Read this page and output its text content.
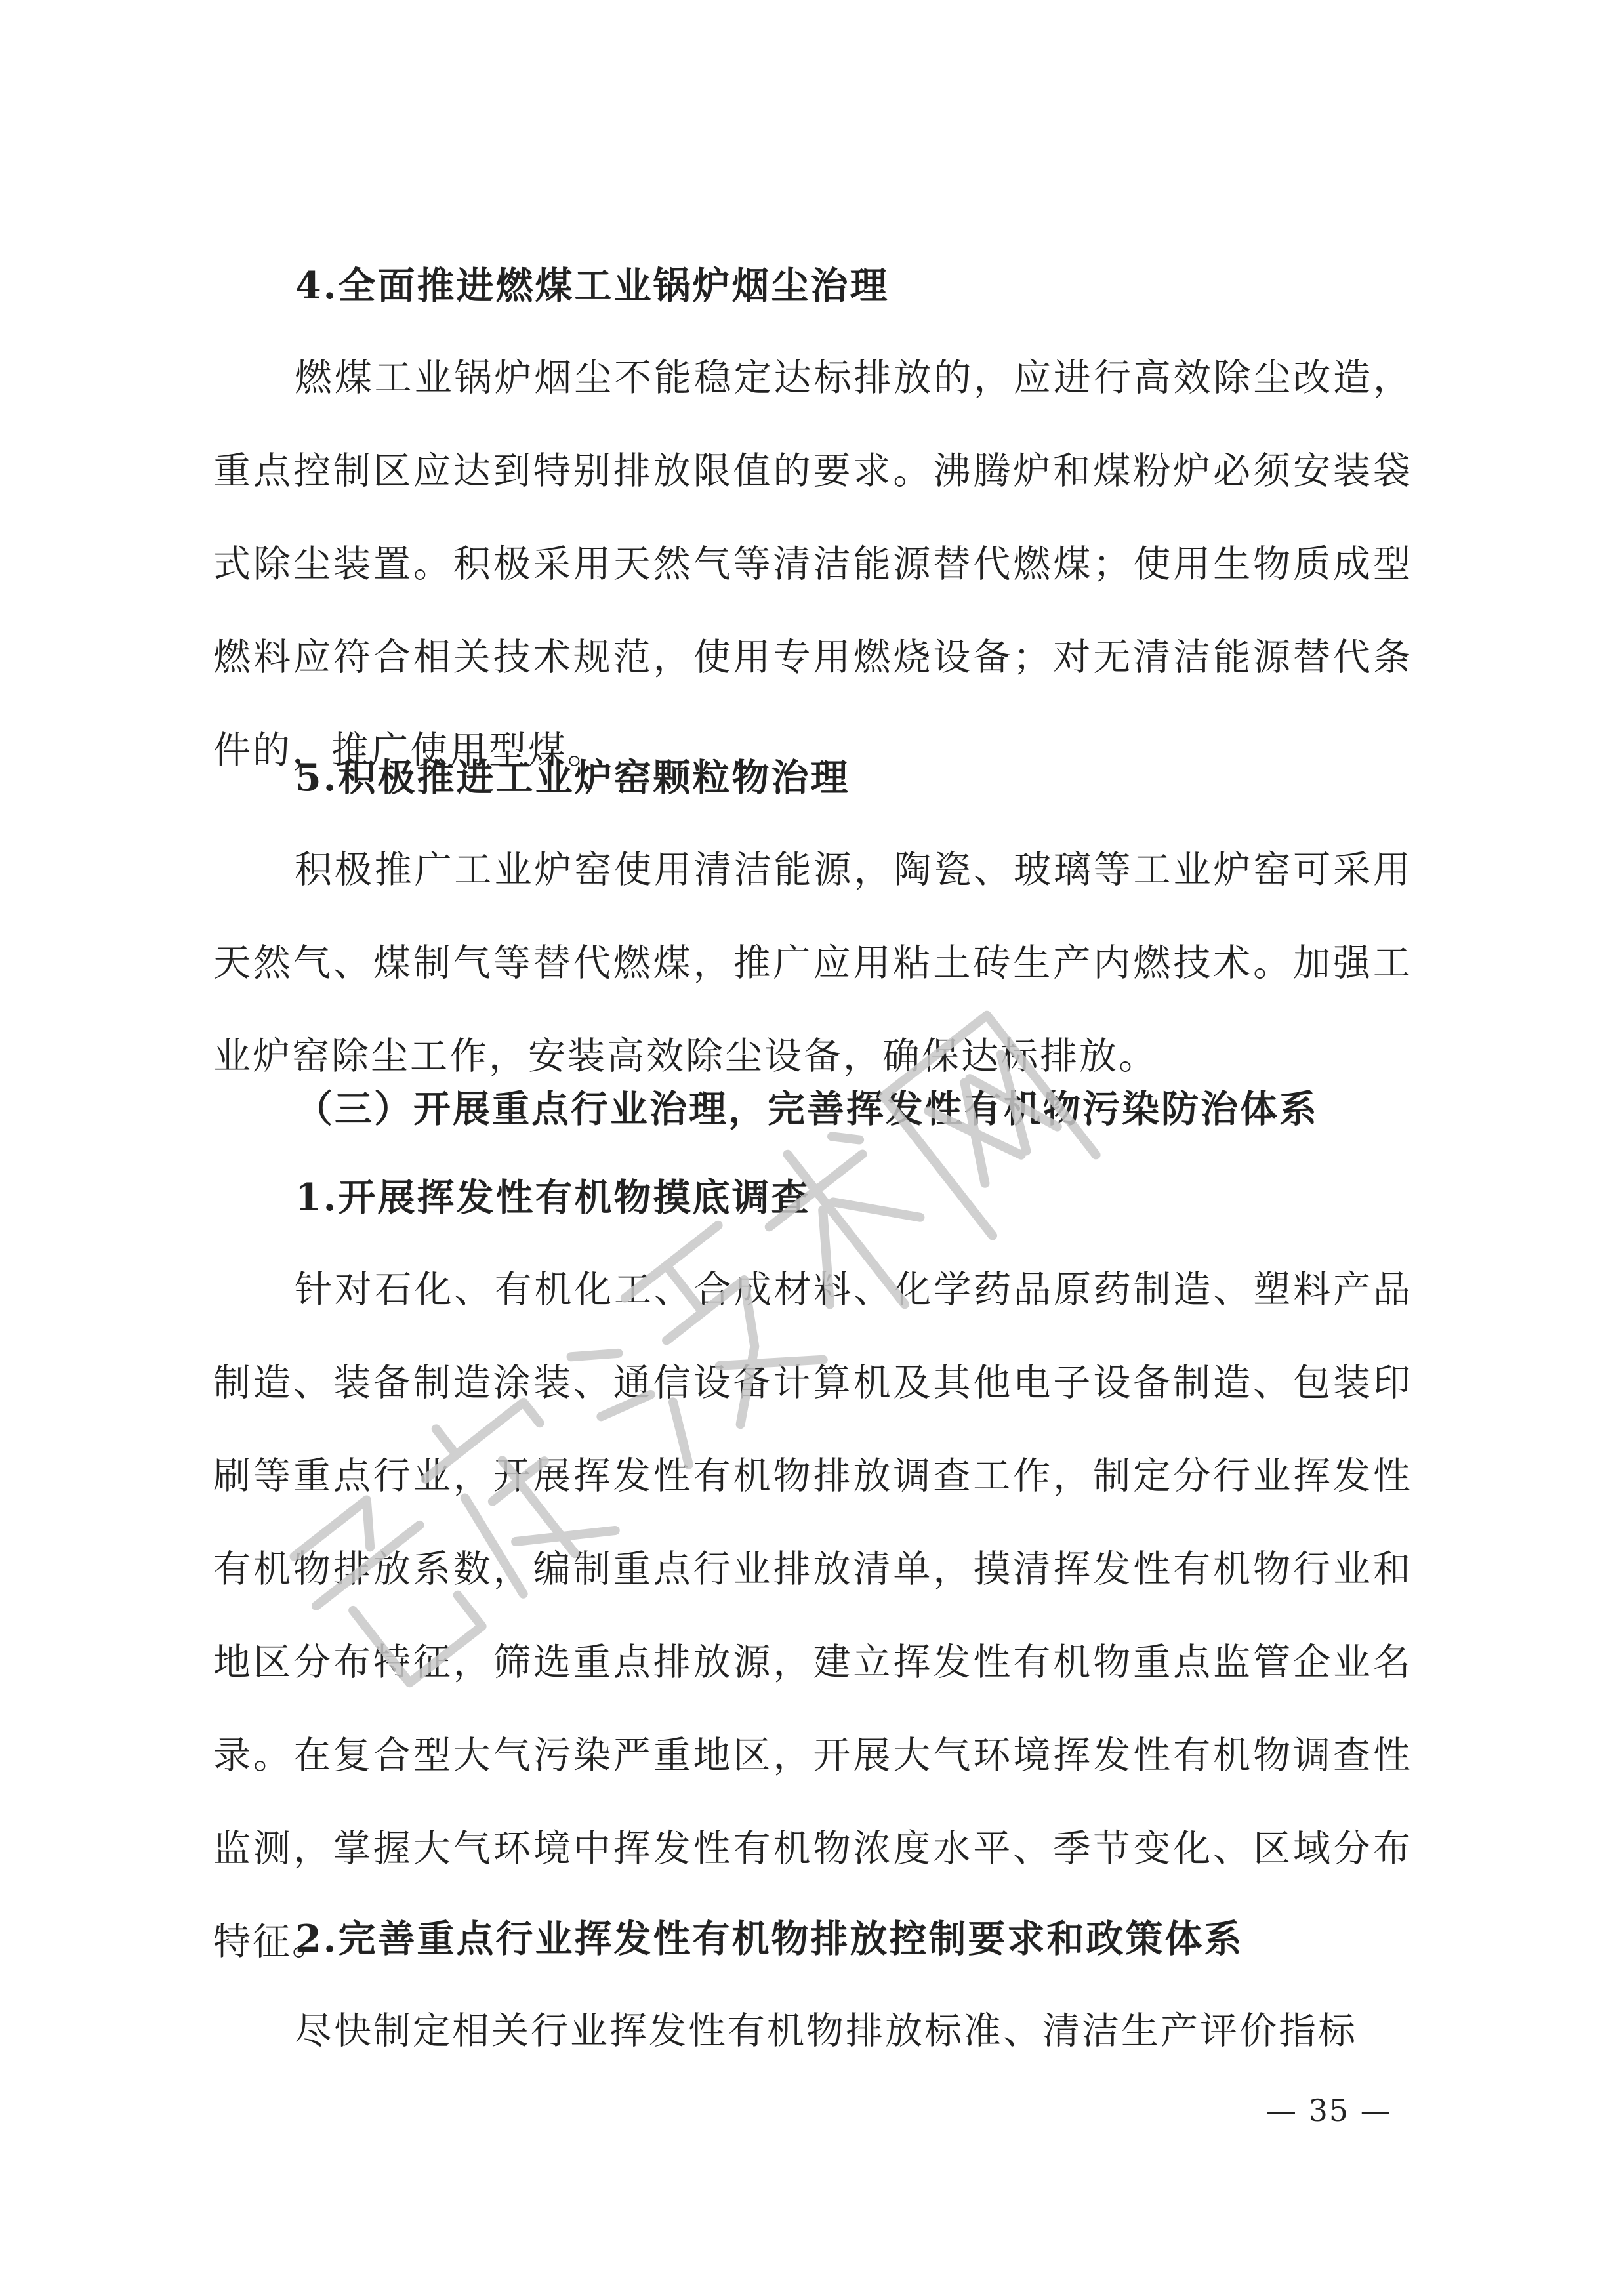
4.全面推进燃煤工业锅炉烟尘治理

燃煤工业锅炉烟尘不能稳定达标排放的，应进行高效除尘改造，重点控制区应达到特别排放限值的要求。沸腾炉和煤粉炉必须安装袋式除尘装置。积极采用天然气等清洁能源替代燃煤；使用生物质成型燃料应符合相关技术规范，使用专用燃烧设备；对无清洁能源替代条件的，推广使用型煤。

5.积极推进工业炉窑颗粒物治理

积极推广工业炉窑使用清洁能源，陶瓷、玻璃等工业炉窑可采用天然气、煤制气等替代燃煤，推广应用粘土砖生产内燃技术。加强工业炉窑除尘工作，安装高效除尘设备，确保达标排放。

（三）开展重点行业治理，完善挥发性有机物污染防治体系
1.开展挥发性有机物摸底调查

针对石化、有机化工、合成材料、化学药品原药制造、塑料产品制造、装备制造涂装、通信设备计算机及其他电子设备制造、包装印刷等重点行业，开展挥发性有机物排放调查工作，制定分行业挥发性有机物排放系数，编制重点行业排放清单，摸清挥发性有机物行业和地区分布特征，筛选重点排放源，建立挥发性有机物重点监管企业名录。在复合型大气污染严重地区，开展大气环境挥发性有机物调查性监测，掌握大气环境中挥发性有机物浓度水平、季节变化、区域分布特征。

2.完善重点行业挥发性有机物排放控制要求和政策体系

尽快制定相关行业挥发性有机物排放标准、清洁生产评价指标

— 35 —
